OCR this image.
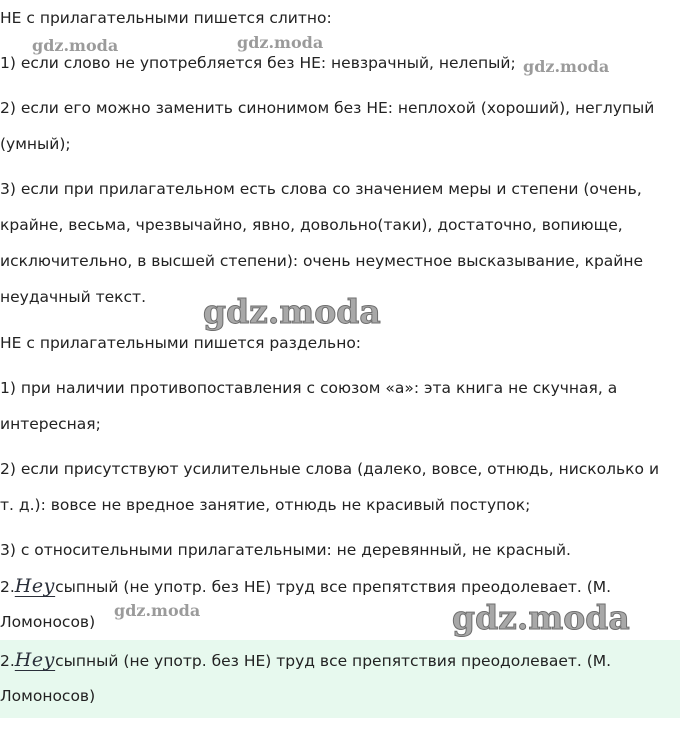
НЕ с прилагательными пишется слитно:
1) если слово не употребляется без НЕ: невзрачный, нелепый;
2) если его можно заменить синонимом без НЕ: неплохой (хороший), неглупый
(умный);
3) если при прилагательном есть слова со значением меры и степени (очень,
крайне, весьма, чрезвычайно, явно, довольно(таки), достаточно, вопиюще,
исключительно, в высшей степени): очень неуместное высказывание, крайне
неудачный текст.
НЕ с прилагательными пишется раздельно:
1) при наличии противопоставления с союзом «а»: эта книга не скучная, а
интересная;
2) если присутствуют усилительные слова (далеко, вовсе, отнюдь, нисколько и
т. д.): вовсе не вредное занятие, отнюдь не красивый поступок;
3) с относительными прилагательными: не деревянный, не красный.
2.Неусыпный (не употр. без НЕ) труд все препятствия преодолевает. (М.
Ломоносов)
2.Неусыпный (не употр. без НЕ) труд все препятствия преодолевает. (М.
Ломоносов)
gdz.moda	gdz.moda
gdz.moda
gdz.moda
gdz.moda	gdz.moda
